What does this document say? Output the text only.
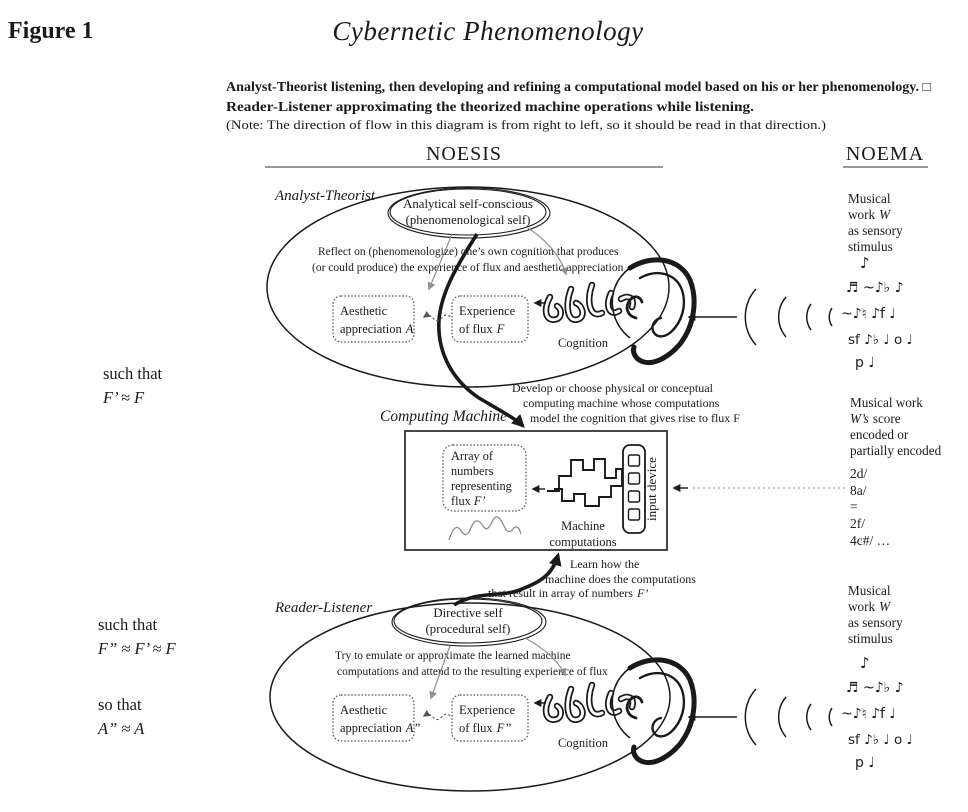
Figure 1	Cybernetic Phenomenology
Analyst-Theorist listening, then developing and refining a computational model based on his or her phenomenology. □
Reader-Listener approximating the theorized machine operations while listening.
(Note: The direction of flow in this diagram is from right to left, so it should be read in that direction.)
NOESIS	NOEMA
Analyst-Theorist Analytical self-conscious
(phenomenological self)
Reflect on (phenomenologize) one’s own cognition that produces
(or could produce) the experience of flux and aesthetic appreciation
Aesthetic
appreciation A
Experience
of flux F
Cognition
♪
♬ ~♪♭ ♪
~♪♮ ♪f ♩
sf ♪♭ ♩ o ♩
p ♩
Musical
work W
as sensory
stimulus
such that
F’ ≈ F
such that
F” ≈ F’ ≈ F
so that
A” ≈ A
Develop or choose physical or conceptual
computing machine whose computations
model the cognition that gives rise to flux F
Computing Machine
Array of
numbers
representing
flux F’
Machine
computations
input device
Learn how the
machine does the computations
that result in array of numbers F’
Musical work
W’s score
encoded or
partially encoded
2d/
8a/
=
2f/
4c#/ …
Reader-Listener	Directive self
(procedural self)
Try to emulate or approximate the learned machine
computations and attend to the resulting experience of flux
Aesthetic
appreciation A”
Experience
of flux F”
